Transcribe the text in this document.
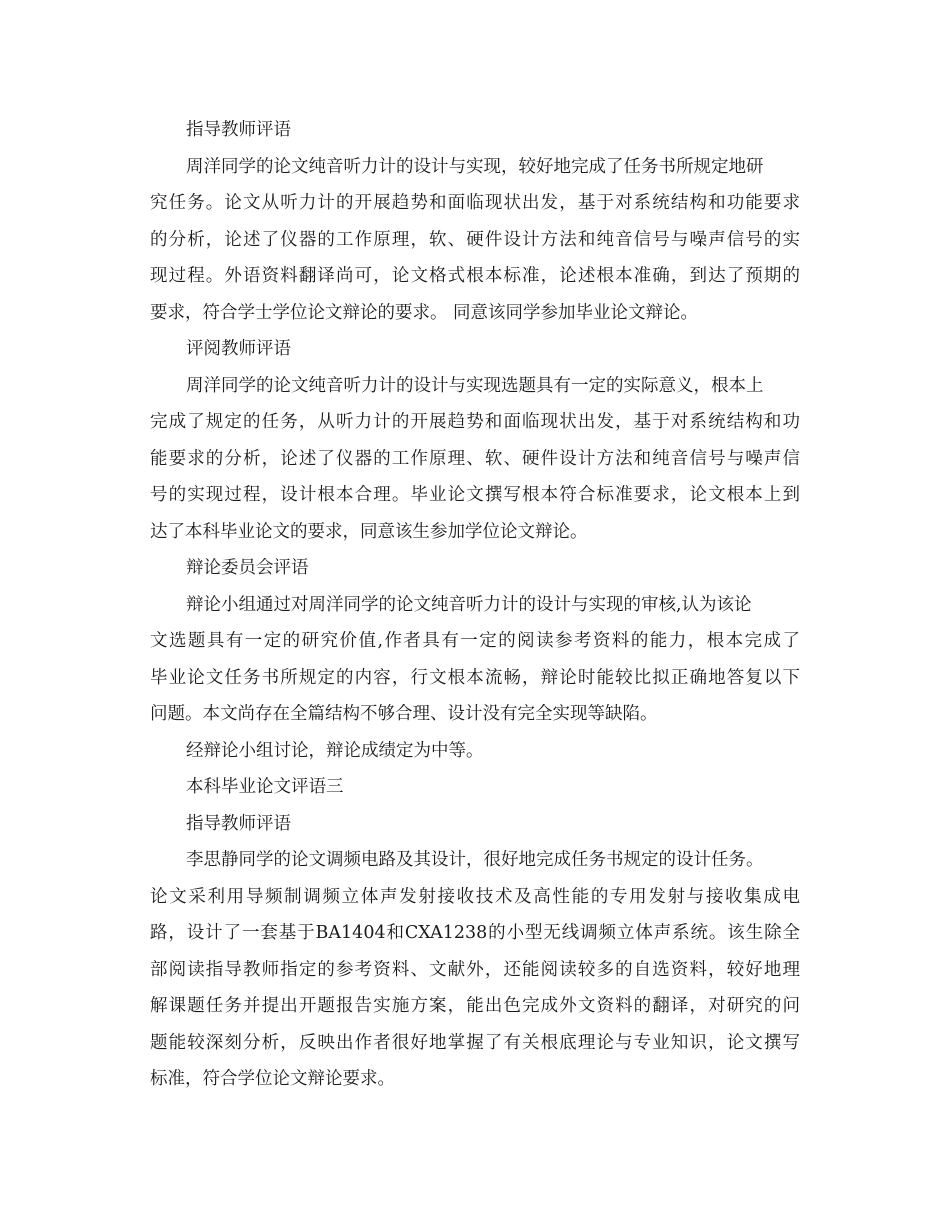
指导教师评语
周洋同学的论文纯音听力计的设计与实现，较好地完成了任务书所规定地研
究任务。论文从听力计的开展趋势和面临现状出发，基于对系统结构和功能要求
的分析，论述了仪器的工作原理，软、硬件设计方法和纯音信号与噪声信号的实
现过程。外语资料翻译尚可，论文格式根本标准，论述根本准确，到达了预期的
要求，符合学士学位论文辩论的要求。 同意该同学参加毕业论文辩论。
评阅教师评语
周洋同学的论文纯音听力计的设计与实现选题具有一定的实际意义，根本上
完成了规定的任务，从听力计的开展趋势和面临现状出发，基于对系统结构和功
能要求的分析，论述了仪器的工作原理、软、硬件设计方法和纯音信号与噪声信
号的实现过程，设计根本合理。毕业论文撰写根本符合标准要求，论文根本上到
达了本科毕业论文的要求，同意该生参加学位论文辩论。
辩论委员会评语
辩论小组通过对周洋同学的论文纯音听力计的设计与实现的审核,认为该论
文选题具有一定的研究价值,作者具有一定的阅读参考资料的能力，根本完成了
毕业论文任务书所规定的内容，行文根本流畅，辩论时能较比拟正确地答复以下
问题。本文尚存在全篇结构不够合理、设计没有完全实现等缺陷。
经辩论小组讨论，辩论成绩定为中等。
本科毕业论文评语三
指导教师评语
李思静同学的论文调频电路及其设计，很好地完成任务书规定的设计任务。
论文采利用导频制调频立体声发射接收技术及高性能的专用发射与接收集成电
路，设计了一套基于BA1404和CXA1238的小型无线调频立体声系统。该生除全
部阅读指导教师指定的参考资料、文献外，还能阅读较多的自选资料，较好地理
解课题任务并提出开题报告实施方案，能出色完成外文资料的翻译，对研究的问
题能较深刻分析，反映出作者很好地掌握了有关根底理论与专业知识，论文撰写
标准，符合学位论文辩论要求。
